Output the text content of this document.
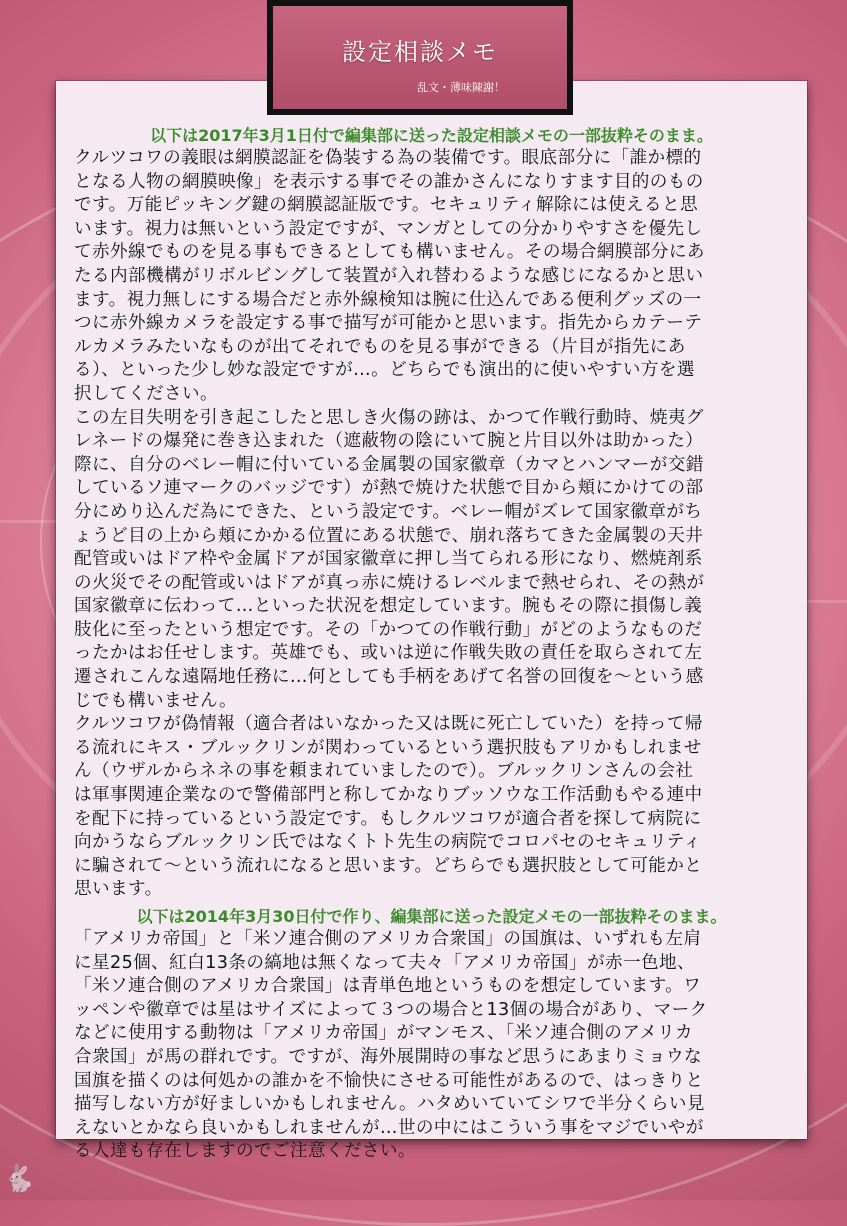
設定相談メモ
乱文・薄味陳謝！
以下は2017年3月1日付で編集部に送った設定相談メモの一部抜粋そのまま。

クルツコワの義眼は網膜認証を偽装する為の装備です。眼底部分に「誰か標的
となる人物の網膜映像」を表示する事でその誰かさんになりすます目的のもの
です。万能ピッキング鍵の網膜認証版です。セキュリティ解除には使えると思
います。視力は無いという設定ですが、マンガとしての分かりやすさを優先し
て赤外線でものを見る事もできるとしても構いません。その場合網膜部分にあ
たる内部機構がリボルビングして装置が入れ替わるような感じになるかと思い
ます。視力無しにする場合だと赤外線検知は腕に仕込んである便利グッズの一
つに赤外線カメラを設定する事で描写が可能かと思います。指先からカテーテ
ルカメラみたいなものが出てそれでものを見る事ができる（片目が指先にあ
る）、といった少し妙な設定ですが…。どちらでも演出的に使いやすい方を選
択してください。

この左目失明を引き起こしたと思しき火傷の跡は、かつて作戦行動時、焼夷グ
レネードの爆発に巻き込まれた（遮蔽物の陰にいて腕と片目以外は助かった）
際に、自分のベレー帽に付いている金属製の国家徽章（カマとハンマーが交錯
しているソ連マークのバッジです）が熱で焼けた状態で目から頬にかけての部
分にめり込んだ為にできた、という設定です。ベレー帽がズレて国家徽章がち
ょうど目の上から頬にかかる位置にある状態で、崩れ落ちてきた金属製の天井
配管或いはドア枠や金属ドアが国家徽章に押し当てられる形になり、燃焼剤系
の火災でその配管或いはドアが真っ赤に焼けるレベルまで熱せられ、その熱が
国家徽章に伝わって…といった状況を想定しています。腕もその際に損傷し義
肢化に至ったという想定です。その「かつての作戦行動」がどのようなものだ
ったかはお任せします。英雄でも、或いは逆に作戦失敗の責任を取らされて左
遷されこんな遠隔地任務に…何としても手柄をあげて名誉の回復を～という感
じでも構いません。

クルツコワが偽情報（適合者はいなかった又は既に死亡していた）を持って帰
る流れにキス・ブルックリンが関わっているという選択肢もアリかもしれませ
ん（ウザルからネネの事を頼まれていましたので）。ブルックリンさんの会社
は軍事関連企業なので警備部門と称してかなりブッソウな工作活動もやる連中
を配下に持っているという設定です。もしクルツコワが適合者を探して病院に
向かうならブルックリン氏ではなくトト先生の病院でコロパセのセキュリティ
に騙されて～という流れになると思います。どちらでも選択肢として可能かと
思います。

以下は2014年3月30日付で作り、編集部に送った設定メモの一部抜粋そのまま。

「アメリカ帝国」と「米ソ連合側のアメリカ合衆国」の国旗は、いずれも左肩
に星25個、紅白13条の縞地は無くなって夫々「アメリカ帝国」が赤一色地、
「米ソ連合側のアメリカ合衆国」は青単色地というものを想定しています。ワ
ッペンや徽章では星はサイズによって３つの場合と13個の場合があり、マーク
などに使用する動物は「アメリカ帝国」がマンモス、「米ソ連合側のアメリカ
合衆国」が馬の群れです。ですが、海外展開時の事など思うにあまりミョウな
国旗を描くのは何処かの誰かを不愉快にさせる可能性があるので、はっきりと
描写しない方が好ましいかもしれません。ハタめいていてシワで半分くらい見
えないとかなら良いかもしれませんが…世の中にはこういう事をマジでいやが
る人達も存在しますのでご注意ください。

🐇
